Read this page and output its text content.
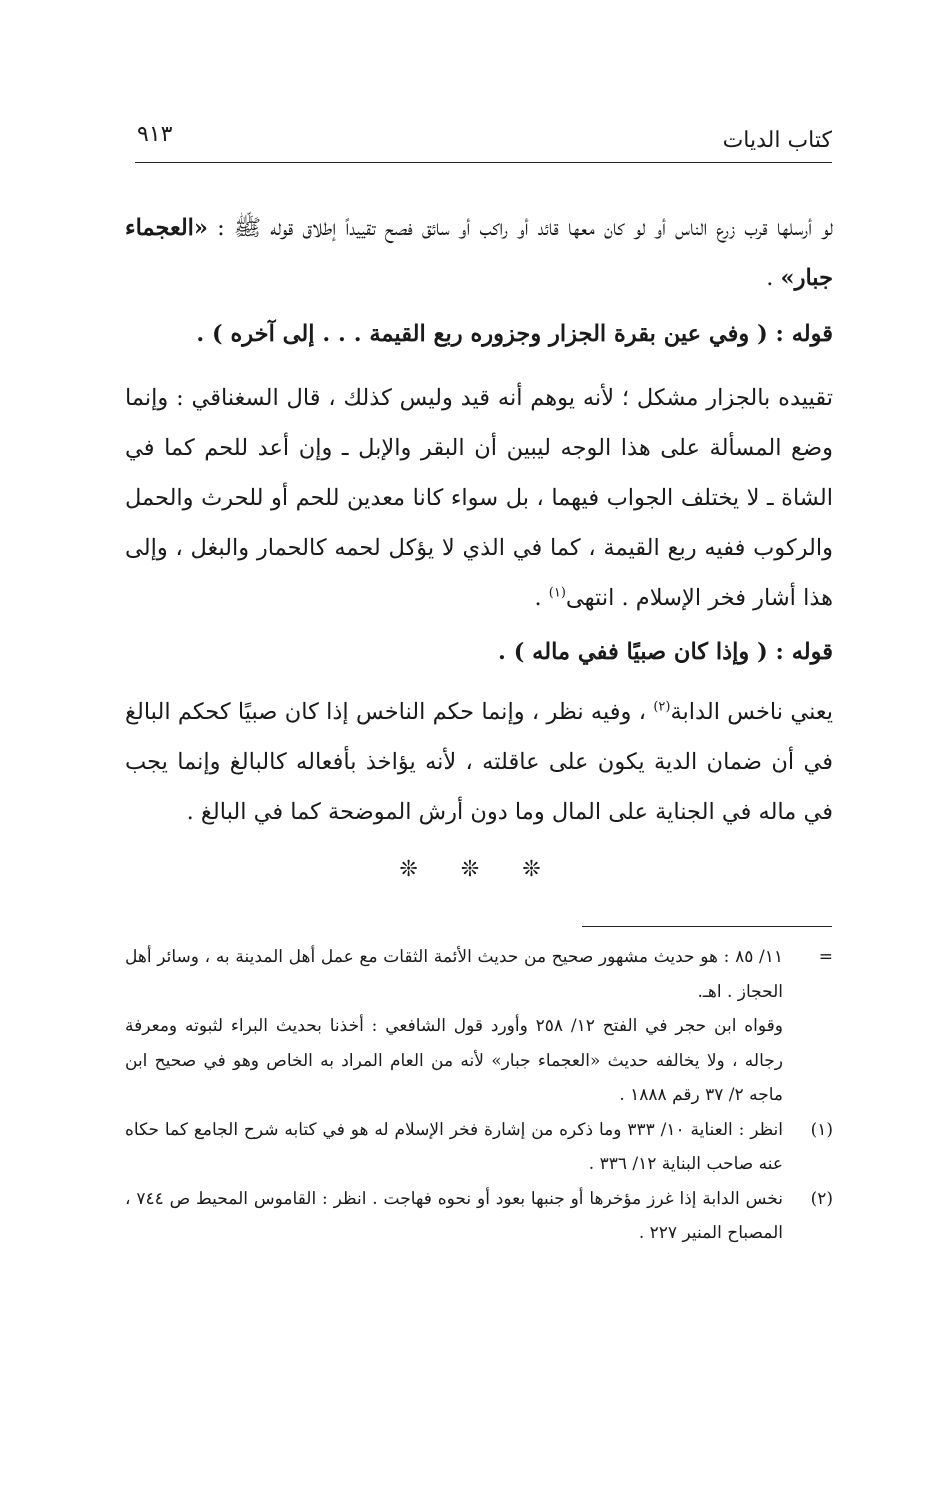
كتاب الديات
٩١٣

لو أرسلها قرب زرع الناس أو لو كان معها قائد أو راكب أو سائق فصح تقييداً إطلاق قوله ﷺ : «العجماء جبار» .

قوله : ( وفي عين بقرة الجزار وجزوره ربع القيمة . . . إلى آخره ) .

تقييده بالجزار مشكل ؛ لأنه يوهم أنه قيد وليس كذلك ، قال السغناقي : وإنما وضع المسألة على هذا الوجه ليبين أن البقر والإبل ـ وإن أعد للحم كما في الشاة ـ لا يختلف الجواب فيهما ، بل سواء كانا معدين للحم أو للحرث والحمل والركوب ففيه ربع القيمة ، كما في الذي لا يؤكل لحمه كالحمار والبغل ، وإلى هذا أشار فخر الإسلام . انتهى$^{(١)}$ .

قوله : ( وإذا كان صبيًا ففي ماله ) .

يعني ناخس الدابة$^{(٢)}$ ، وفيه نظر ، وإنما حكم الناخس إذا كان صبيًا كحكم البالغ في أن ضمان الدية يكون على عاقلته ، لأنه يؤاخذ بأفعاله كالبالغ وإنما يجب في ماله في الجناية على المال وما دون أرش الموضحة كما في البالغ .

❊ ❊ ❊

=
١١/ ٨٥ : هو حديث مشهور صحيح من حديث الأئمة الثقات مع عمل أهل المدينة به ، وسائر أهل الحجاز . اهـ.

وقواه ابن حجر في الفتح ١٢/ ٢٥٨ وأورد قول الشافعي : أخذنا بحديث البراء لثبوته ومعرفة رجاله ، ولا يخالفه حديث «العجماء جبار» لأنه من العام المراد به الخاص وهو في صحيح ابن ماجه ٢/ ٣٧ رقم ١٨٨٨ .

(١)
انظر : العناية ١٠/ ٣٣٣ وما ذكره من إشارة فخر الإسلام له هو في كتابه شرح الجامع كما حكاه عنه صاحب البناية ١٢/ ٣٣٦ .

(٢)
نخس الدابة إذا غرز مؤخرها أو جنبها بعود أو نحوه فهاجت . انظر : القاموس المحيط ص ٧٤٤ ، المصباح المنير ٢٢٧ .
